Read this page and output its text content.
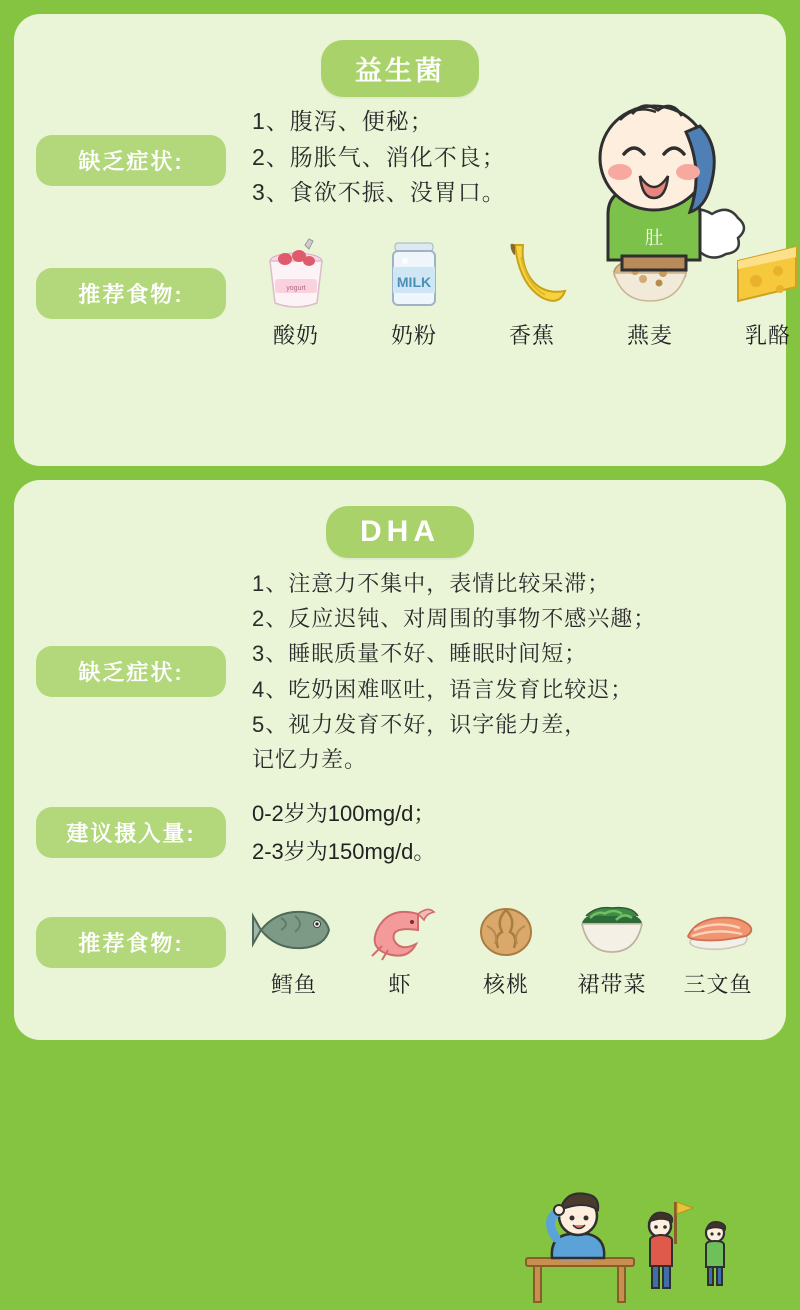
益生菌
肚
缺乏症状:
1、腹泻、便秘；
2、肠胀气、消化不良；
3、食欲不振、没胃口。
推荐食物:	yogurt
酸奶
MILK
奶粉	香蕉	燕麦	乳酪
DHA
缺乏症状:
1、注意力不集中，表情比较呆滞；
2、反应迟钝、对周围的事物不感兴趣；
3、睡眠质量不好、睡眠时间短；
4、吃奶困难呕吐，语言发育比较迟；
5、视力发育不好，识字能力差，
记忆力差。
建议摄入量:
0-2岁为100mg/d；
2-3岁为150mg/d。
推荐食物:
鳕鱼	虾	核桃	裙带菜	三文鱼
